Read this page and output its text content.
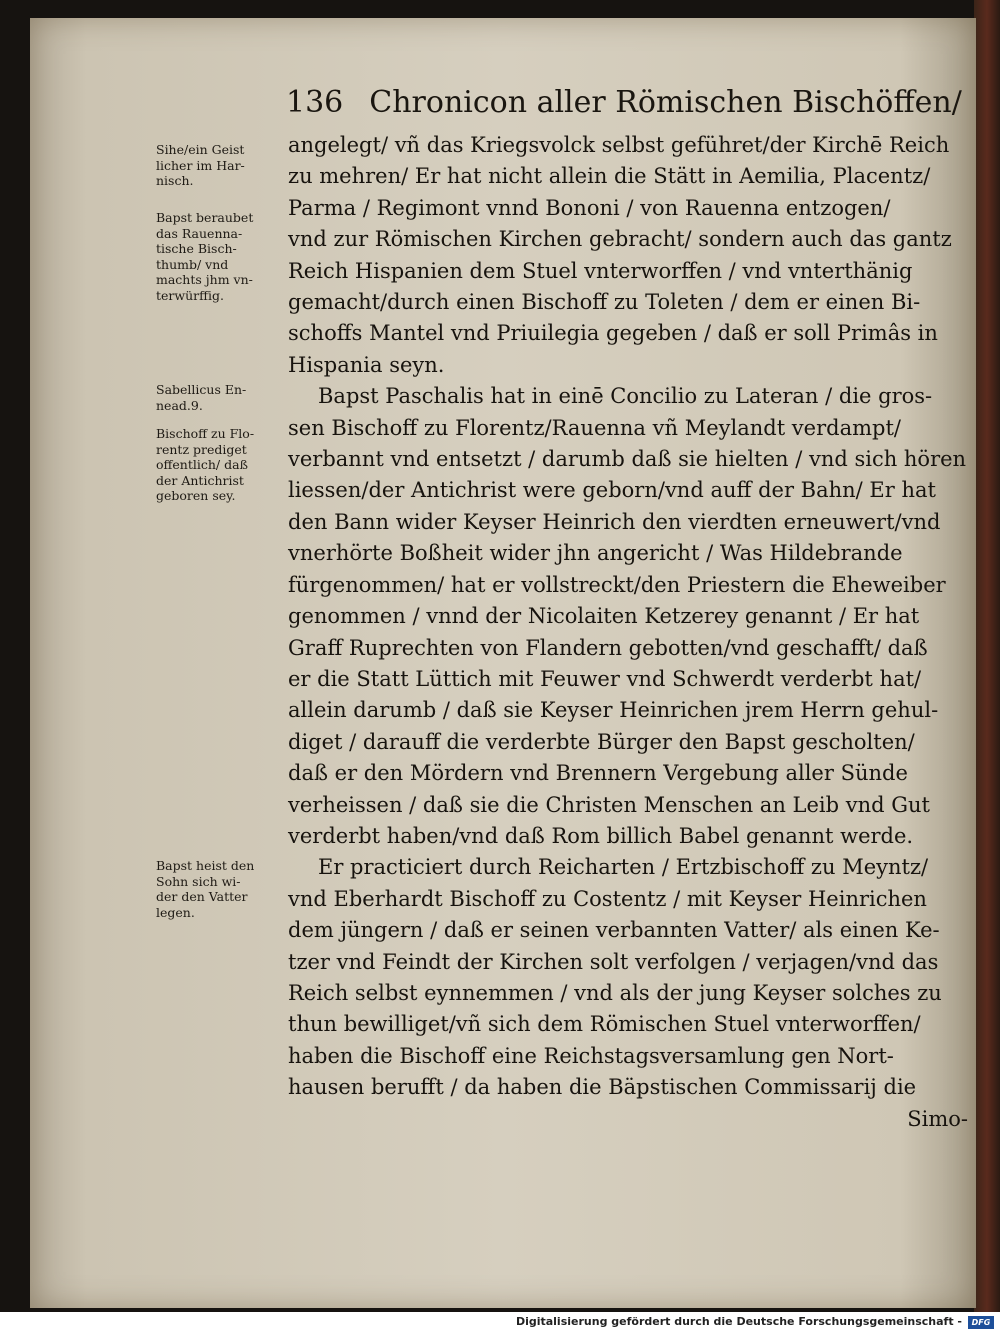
136 Chronicon aller Römischen Bischöffen/
Sihe/ein Geist
licher im Har-
nisch.
Bapst beraubet
das Rauenna-
tische Bisch-
thumb/ vnd
machts jhm vn-
terwürffig.
Sabellicus En-
nead.9.
Bischoff zu Flo-
rentz prediget
offentlich/ daß
der Antichrist
geboren sey.
Bapst heist den
Sohn sich wi-
der den Vatter
legen.
angelegt/ vñ das Kriegsvolck selbst geführet/der Kirchē Reich
zu mehren/ Er hat nicht allein die Stätt in Aemilia, Placentz/
Parma / Regimont vnnd Bononi / von Rauenna entzogen/
vnd zur Römischen Kirchen gebracht/ sondern auch das gantz
Reich Hispanien dem Stuel vnterworffen / vnd vnterthänig
gemacht/durch einen Bischoff zu Toleten / dem er einen Bi-
schoffs Mantel vnd Priuilegia gegeben / daß er soll Primâs in
Hispania seyn.
Bapst Paschalis hat in einē Concilio zu Lateran / die gros-
sen Bischoff zu Florentz/Rauenna vñ Meylandt verdampt/
verbannt vnd entsetzt / darumb daß sie hielten / vnd sich hören
liessen/der Antichrist were geborn/vnd auff der Bahn/ Er hat
den Bann wider Keyser Heinrich den vierdten erneuwert/vnd
vnerhörte Boßheit wider jhn angericht / Was Hildebrande
fürgenommen/ hat er vollstreckt/den Priestern die Eheweiber
genommen / vnnd der Nicolaiten Ketzerey genannt / Er hat
Graff Ruprechten von Flandern gebotten/vnd geschafft/ daß
er die Statt Lüttich mit Feuwer vnd Schwerdt verderbt hat/
allein darumb / daß sie Keyser Heinrichen jrem Herrn gehul-
diget / darauff die verderbte Bürger den Bapst gescholten/
daß er den Mördern vnd Brennern Vergebung aller Sünde
verheissen / daß sie die Christen Menschen an Leib vnd Gut
verderbt haben/vnd daß Rom billich Babel genannt werde.
Er practiciert durch Reicharten / Ertzbischoff zu Meyntz/
vnd Eberhardt Bischoff zu Costentz / mit Keyser Heinrichen
dem jüngern / daß er seinen verbannten Vatter/ als einen Ke-
tzer vnd Feindt der Kirchen solt verfolgen / verjagen/vnd das
Reich selbst eynnemmen / vnd als der jung Keyser solches zu
thun bewilliget/vñ sich dem Römischen Stuel vnterworffen/
haben die Bischoff eine Reichstagsversamlung gen Nort-
hausen berufft / da haben die Bäpstischen Commissarij die
Simo-
Digitalisierung gefördert durch die Deutsche Forschungsgemeinschaft -	DFG
